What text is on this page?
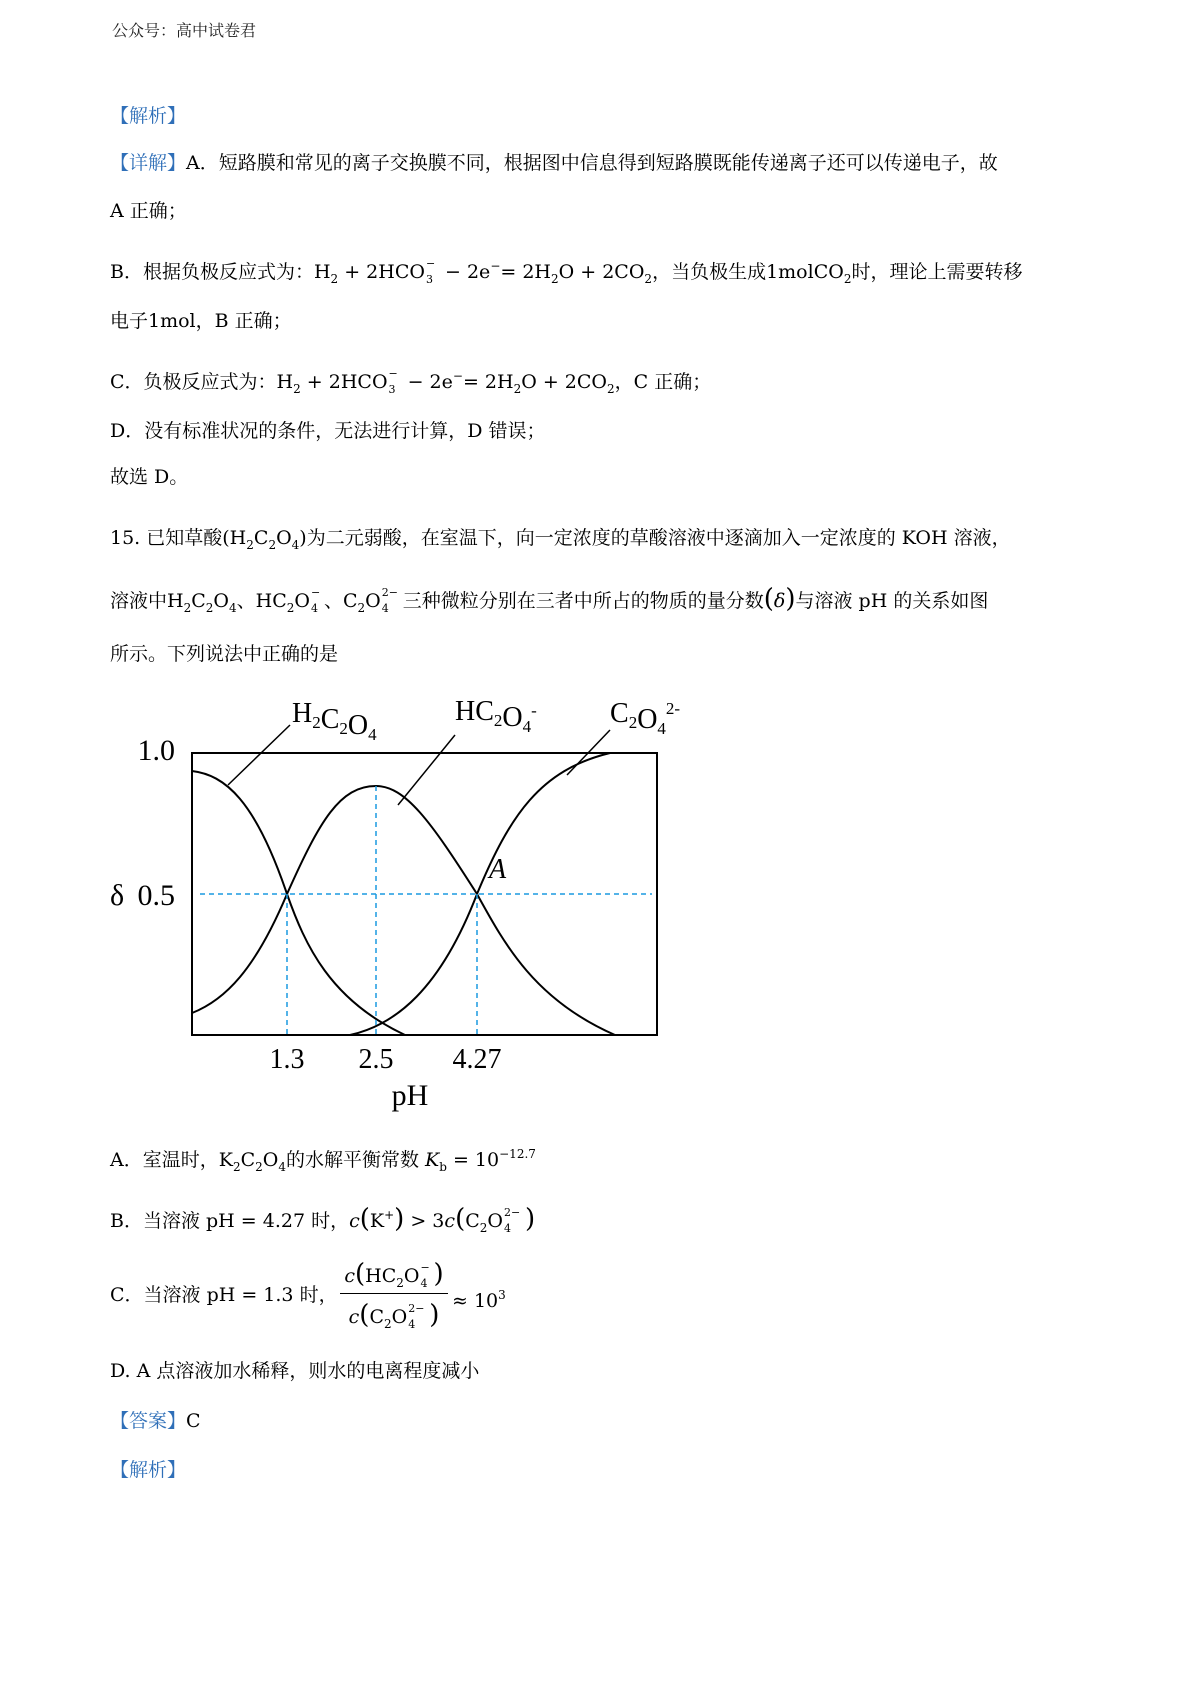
公众号：高中试卷君
【解析】
【详解】A．短路膜和常见的离子交换膜不同，根据图中信息得到短路膜既能传递离子还可以传递电子，故
A 正确；
B．根据负极反应式为：$H_2 + 2HCO$ −
$3 - 2e^-= 2H_2O + 2CO_2$，当负极生成1molCO$_2$时，理论上需要转移
电子1mol，B 正确；
C．负极反应式为：$H_2 + 2HCO$ −
$3 - 2e^-= 2H_2O + 2CO_2$，C 正确；
D．没有标准状况的条件，无法进行计算，D 错误；
故选 D。
15. 已知草酸$(H_2C_2O_4)$为二元弱酸，在室温下，向一定浓度的草酸溶液中逐滴加入一定浓度的 KOH 溶液，
溶液中$H_2C_2O_4$、$HC_2O$ −
4 、$C_2O$ 2−
4 三种微粒分别在三者中所占的物质的量分数(δ)与溶液 pH 的关系如图
所示。下列说法中正确的是
1.0
δ 0.5
1.3 2.5 4.27
pH
A
$H_2C_2O_4$
$HC_2O_4^-$	$C_2O_4^{2-}$
A．室温时，$K_2C_2O_4$的水解平衡常数 $K_b = 10^{-12.7}$
B．当溶液 pH = 4.27 时，$c(K^+) > 3c(C_2O$ 2−
4 )
C．当溶液 pH = 1.3 时，
$c(HC_2O$ −
4 )
$c(C_2O$ 2−
4 ) ≈ $10^3$
D. A 点溶液加水稀释，则水的电离程度减小
【答案】C
【解析】
